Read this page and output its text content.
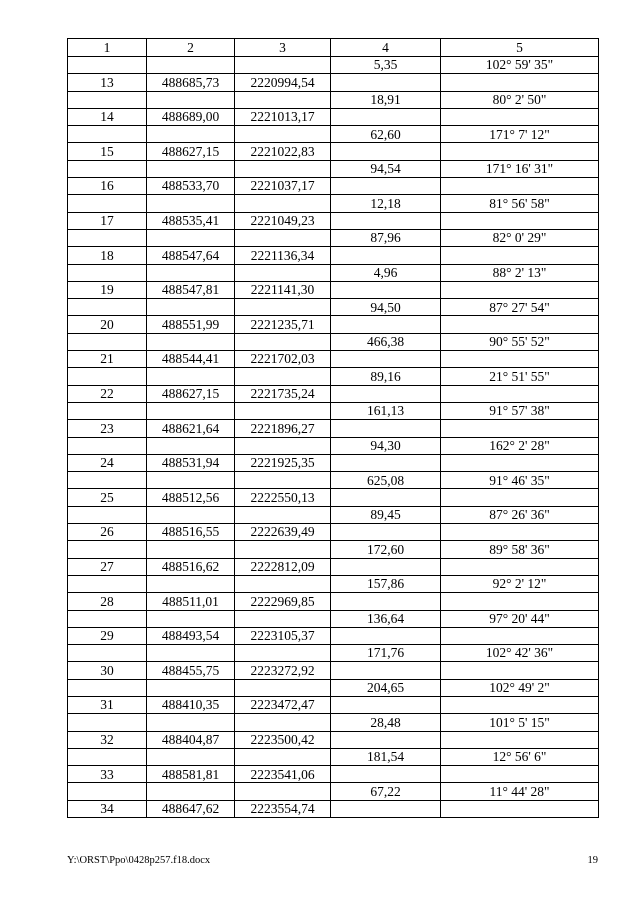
1	2	3	4	5
			5,35	102° 59' 35"
13	488685,73	2220994,54		
			18,91	80° 2' 50"
14	488689,00	2221013,17		
			62,60	171° 7' 12"
15	488627,15	2221022,83		
			94,54	171° 16' 31"
16	488533,70	2221037,17		
			12,18	81° 56' 58"
17	488535,41	2221049,23		
			87,96	82° 0' 29"
18	488547,64	2221136,34		
			4,96	88° 2' 13"
19	488547,81	2221141,30		
			94,50	87° 27' 54"
20	488551,99	2221235,71		
			466,38	90° 55' 52"
21	488544,41	2221702,03		
			89,16	21° 51' 55"
22	488627,15	2221735,24		
			161,13	91° 57' 38"
23	488621,64	2221896,27		
			94,30	162° 2' 28"
24	488531,94	2221925,35		
			625,08	91° 46' 35"
25	488512,56	2222550,13		
			89,45	87° 26' 36"
26	488516,55	2222639,49		
			172,60	89° 58' 36"
27	488516,62	2222812,09		
			157,86	92° 2' 12"
28	488511,01	2222969,85		
			136,64	97° 20' 44"
29	488493,54	2223105,37		
			171,76	102° 42' 36"
30	488455,75	2223272,92		
			204,65	102° 49' 2"
31	488410,35	2223472,47		
			28,48	101° 5' 15"
32	488404,87	2223500,42		
			181,54	12° 56' 6"
33	488581,81	2223541,06		
			67,22	11° 44' 28"
34	488647,62	2223554,74		
Y:\ORST\Ppo\0428p257.f18.docx	19
